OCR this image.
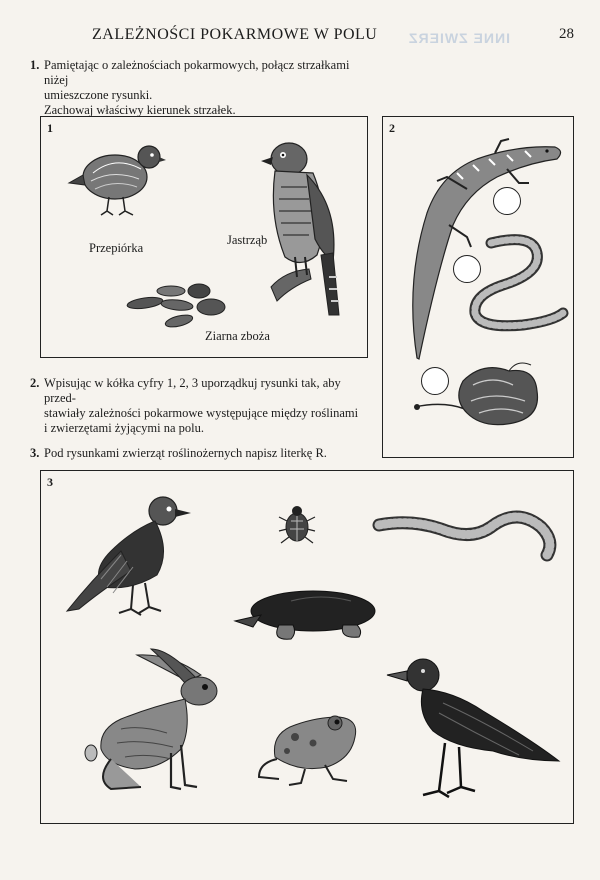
INNE ZWIERZ
ZALEŻNOŚCI POKARMOWE W POLU	28
1. Pamiętając o zależnościach pokarmowych, połącz strzałkami niżej
umieszczone rysunki.
Zachowaj właściwy kierunek strzałek.
1
Przepiórka
Jastrząb
Ziarna zboża
2
2. Wpisując w kółka cyfry 1, 2, 3 uporządkuj rysunki tak, aby przed-
stawiały zależności pokarmowe występujące między roślinami
i zwierzętami żyjącymi na polu.
3. Pod rysunkami zwierząt roślinożernych napisz literkę R.
3
